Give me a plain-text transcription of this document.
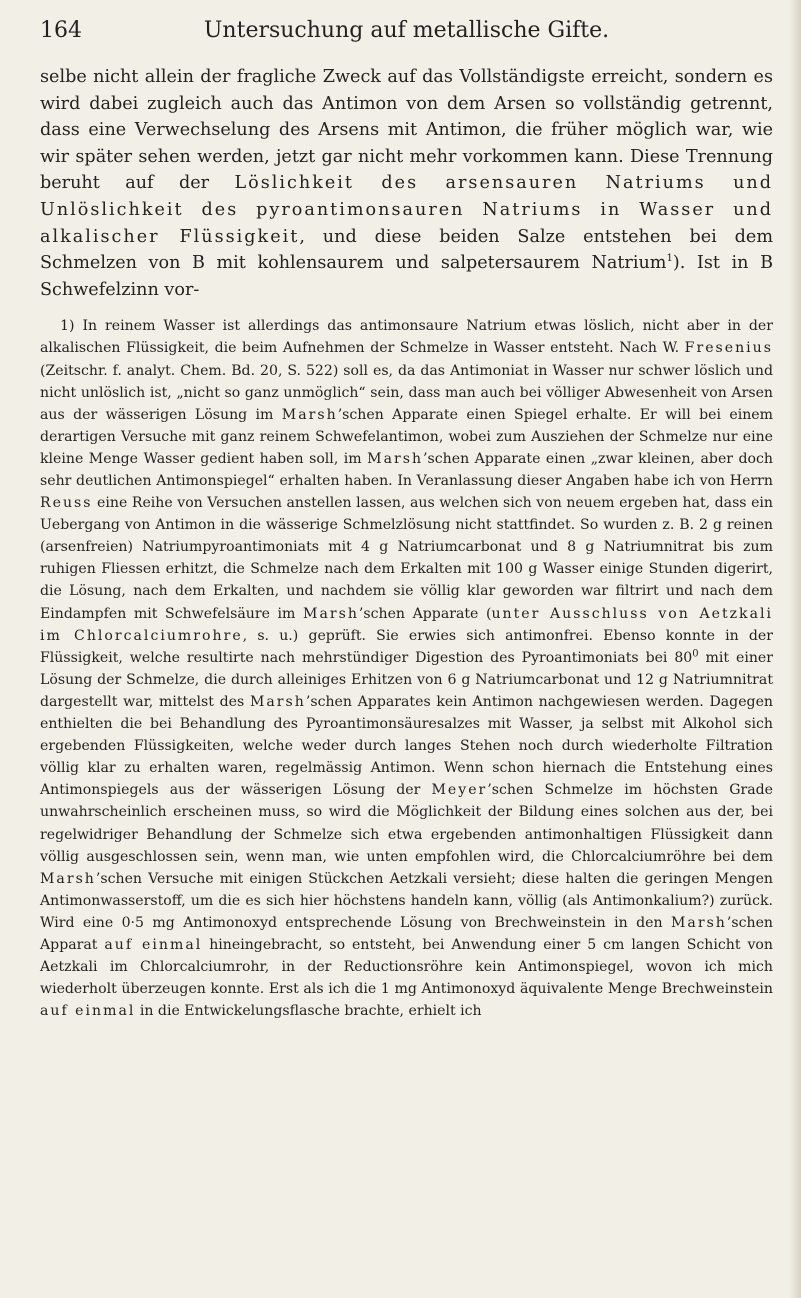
164	Untersuchung auf metallische Gifte.
selbe nicht allein der fragliche Zweck auf das Vollständigste erreicht, sondern es wird dabei zugleich auch das Antimon von dem Arsen so vollständig getrennt, dass eine Verwechselung des Arsens mit Antimon, die früher möglich war, wie wir später sehen werden, jetzt gar nicht mehr vorkommen kann. Diese Trennung beruht auf der Löslichkeit des arsensauren Natriums und Unlöslichkeit des pyroantimonsauren Natriums in Wasser und alkalischer Flüssigkeit, und diese beiden Salze entstehen bei dem Schmelzen von B mit kohlensaurem und salpetersaurem Natrium$^1$). Ist in B Schwefelzinn vor-
1) In reinem Wasser ist allerdings das antimonsaure Natrium etwas löslich, nicht aber in der alkalischen Flüssigkeit, die beim Aufnehmen der Schmelze in Wasser entsteht. Nach W. Fresenius (Zeitschr. f. analyt. Chem. Bd. 20, S. 522) soll es, da das Antimoniat in Wasser nur schwer löslich und nicht unlöslich ist, „nicht so ganz unmöglich“ sein, dass man auch bei völliger Abwesenheit von Arsen aus der wässerigen Lösung im Marsh’schen Apparate einen Spiegel erhalte. Er will bei einem derartigen Versuche mit ganz reinem Schwefelantimon, wobei zum Ausziehen der Schmelze nur eine kleine Menge Wasser gedient haben soll, im Marsh’schen Apparate einen „zwar kleinen, aber doch sehr deutlichen Antimonspiegel“ erhalten haben. In Veranlassung dieser Angaben habe ich von Herrn Reuss eine Reihe von Versuchen anstellen lassen, aus welchen sich von neuem ergeben hat, dass ein Uebergang von Antimon in die wässerige Schmelzlösung nicht stattfindet. So wurden z. B. 2 g reinen (arsenfreien) Natriumpyroantimoniats mit 4 g Natriumcarbonat und 8 g Natriumnitrat bis zum ruhigen Fliessen erhitzt, die Schmelze nach dem Erkalten mit 100 g Wasser einige Stunden digerirt, die Lösung, nach dem Erkalten, und nachdem sie völlig klar geworden war filtrirt und nach dem Eindampfen mit Schwefelsäure im Marsh’schen Apparate (unter Ausschluss von Aetzkali im Chlorcalciumrohre, s. u.) geprüft. Sie erwies sich antimonfrei. Ebenso konnte in der Flüssigkeit, welche resultirte nach mehrstündiger Digestion des Pyroantimoniats bei $80^0$ mit einer Lösung der Schmelze, die durch alleiniges Erhitzen von 6 g Natriumcarbonat und 12 g Natriumnitrat dargestellt war, mittelst des Marsh’schen Apparates kein Antimon nachgewiesen werden. Dagegen enthielten die bei Behandlung des Pyroantimonsäuresalzes mit Wasser, ja selbst mit Alkohol sich ergebenden Flüssigkeiten, welche weder durch langes Stehen noch durch wiederholte Filtration völlig klar zu erhalten waren, regelmässig Antimon. Wenn schon hiernach die Entstehung eines Antimonspiegels aus der wässerigen Lösung der Meyer’schen Schmelze im höchsten Grade unwahrscheinlich erscheinen muss, so wird die Möglichkeit der Bildung eines solchen aus der, bei regelwidriger Behandlung der Schmelze sich etwa ergebenden antimonhaltigen Flüssigkeit dann völlig ausgeschlossen sein, wenn man, wie unten empfohlen wird, die Chlorcalciumröhre bei dem Marsh’schen Versuche mit einigen Stückchen Aetzkali versieht; diese halten die geringen Mengen Antimonwasserstoff, um die es sich hier höchstens handeln kann, völlig (als Antimonkalium?) zurück. Wird eine 0·5 mg Antimonoxyd entsprechende Lösung von Brechweinstein in den Marsh’schen Apparat auf einmal hineingebracht, so entsteht, bei Anwendung einer 5 cm langen Schicht von Aetzkali im Chlorcalciumrohr, in der Reductionsröhre kein Antimonspiegel, wovon ich mich wiederholt überzeugen konnte. Erst als ich die 1 mg Antimonoxyd äquivalente Menge Brechweinstein auf einmal in die Entwickelungsflasche brachte, erhielt ich
